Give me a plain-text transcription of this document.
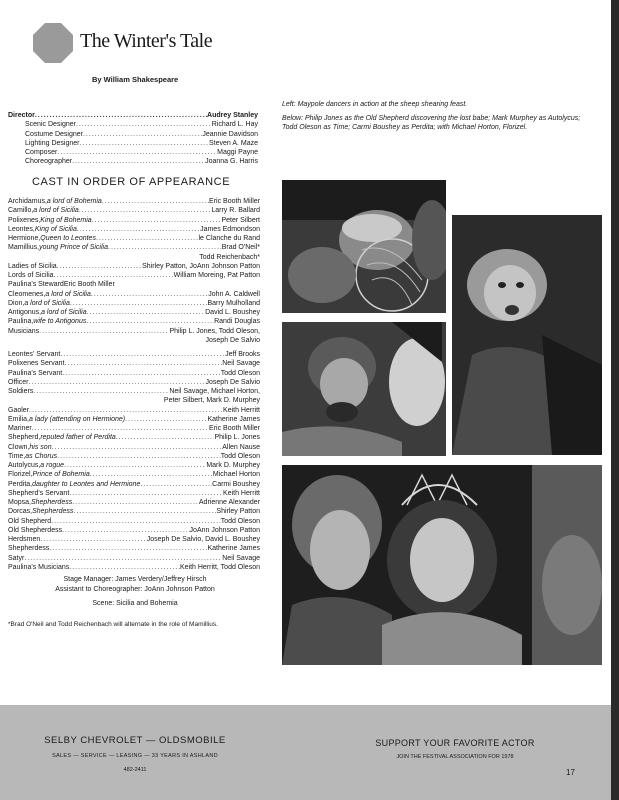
The Winter's Tale
By William Shakespeare
Director .....	Audrey Stanley
Scenic Designer .....	Richard L. Hay
Costume Designer .....	Jeannie Davidson
Lighting Designer .....	Steven A. Maze
Composer .....	Maggi Payne
Choreographer .....	Joanna G. Harris
CAST IN ORDER OF APPEARANCE
Archidamus, a lord of Bohemia .....	Eric Booth Miller
Camillo, a lord of Sicilia .....	Larry R. Ballard
Polixenes, King of Bohemia .....	Peter Silbert
Leontes, King of Sicilia .....	James Edmondson
Hermione, Queen to Leontes .....	le Clanche du Rand
Mamillius, young Prince of Sicilia .....	Brad O'Neil*
Todd Reichenbach*
Ladies of Sicilia .....	Shirley Patton, JoAnn Johnson Patton
Lords of Sicilia .....	William Moreing, Pat Patton
Paulina's Steward Eric Booth Miller
Cleomenes, a lord of Sicilia .....	John A. Caldwell
Dion, a lord of Sicilia .....	Barry Mulholland
Antigonus, a lord of Sicilia .....	David L. Boushey
Paulina, wife to Antigonus .....	Randi Douglas
Musicians .....	Philip L. Jones, Todd Oleson,
Joseph De Salvio
Leontes' Servant .....	Jeff Brooks
Polixenes Servant .....	Neil Savage
Paulina's Servant .....	Todd Oleson
Officer .....	Joseph De Salvio
Soldiers .....	Neil Savage, Michael Horton,
Peter Silbert, Mark D. Murphey
Gaoler .....	Keith Herritt
Emilia, a lady (attending on Hermione) .....	Katherine James
Mariner .....	Eric Booth Miller
Shepherd, reputed father of Perdita .....	Philip L. Jones
Clown, his son .....	Allen Nause
Time, as Chorus .....	Todd Oleson
Autolycus, a rogue .....	Mark D. Murphey
Florizel, Prince of Bohemia .....	Michael Horton
Perdita, daughter to Leontes and Hermione .....	Carmi Boushey
Shepherd's Servant .....	Keith Herritt
Mopsa, Shepherdess .....	Adrienne Alexander
Dorcas, Shepherdess .....	Shirley Patton
Old Shepherd .....	Todd Oleson
Old Shepherdess .....	JoAnn Johnson Patton
Herdsmen .....	Joseph De Salvio, David L. Boushey
Shepherdess .....	Katherine James
Satyr .....	Neil Savage
Paulina's Musicians .....	Keith Herritt, Todd Oleson
Stage Manager: James Verdery/Jeffrey Hirsch
Assistant to Choreographer: JoAnn Johnson Patton
Scene: Sicilia and Bohemia
*Brad O'Neil and Todd Reichenbach will alternate in the role of Mamillius.

Left: Maypole dancers in action at the sheep shearing feast.

Below: Philip Jones as the Old Shepherd discovering the lost babe; Mark Murphey as Autolycus; Todd Oleson as Time; Carmi Boushey as Perdita; with Michael Horton, Florizel.

SELBY CHEVROLET — OLDSMOBILE
SALES — SERVICE — LEASING — 33 YEARS IN ASHLAND
482-2411
SUPPORT YOUR FAVORITE ACTOR
JOIN THE FESTIVAL ASSOCIATION FOR 1978
17
